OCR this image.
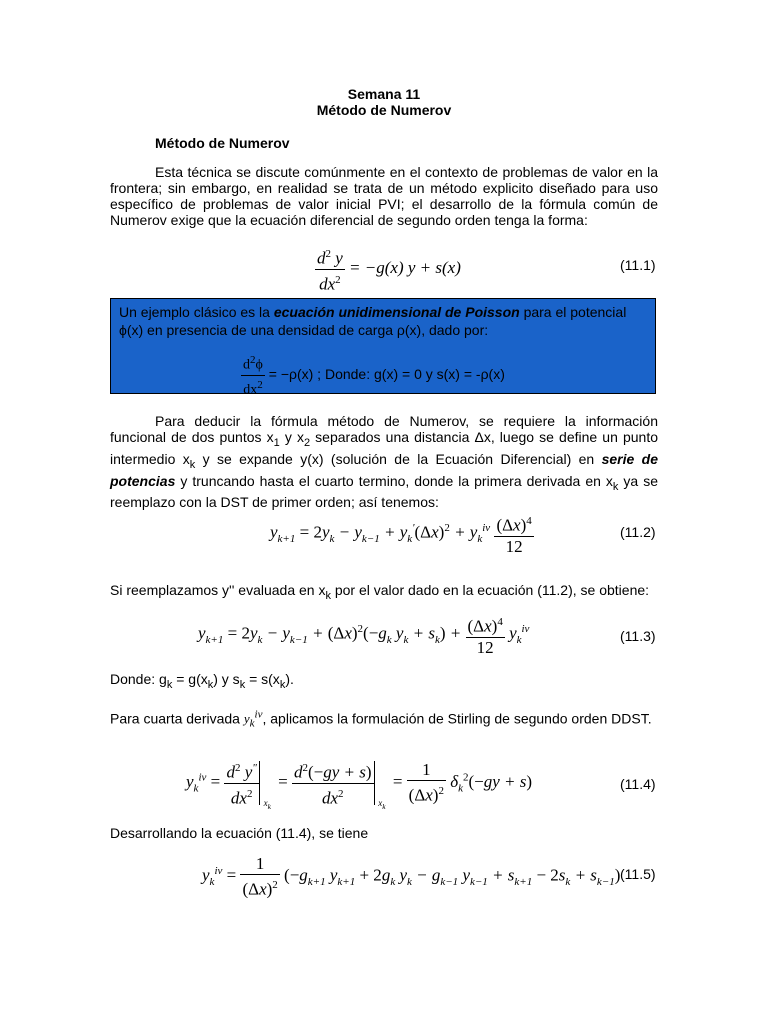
Semana 11
Método de Numerov
Método de Numerov
Esta técnica se discute comúnmente en el contexto de problemas de valor en la frontera; sin embargo, en realidad se trata de un método explicito diseñado para uso específico de problemas de valor inicial PVI; el desarrollo de la fórmula común de Numerov exige que la ecuación diferencial de segundo orden tenga la forma:
$\frac{d^2 y}{dx^2} = -g(x) y + s(x)$	(11.1)
Un ejemplo clásico es la ecuación unidimensional de Poisson para el potencial
ϕ(x) en presencia de una densidad de carga ρ(x), dado por:
$\frac{d^2\phi}{dx^2} = -\rho(x)$ ; Donde: g(x) = 0 y s(x) = -ρ(x)
Para deducir la fórmula método de Numerov, se requiere la información funcional de dos puntos $x_1$ y $x_2$ separados una distancia Δx, luego se define un punto intermedio $x_k$ y se expande y(x) (solución de la Ecuación Diferencial) en serie de potencias y truncando hasta el cuarto termino, donde la primera derivada en $x_k$ ya se reemplazo con la DST de primer orden; así tenemos:
$y_{k+1} = 2y_k - y_{k-1} + y_k'(\Delta x)^2 + y_k^{iv} \frac{(\Delta x)^4}{12}$	(11.2)
Si reemplazamos y'' evaluada en $x_k$ por el valor dado en la ecuación (11.2), se obtiene:
$y_{k+1} = 2y_k - y_{k-1} + (\Delta x)^2(-g_k$ $y_k + s_k) + \frac{(\Delta x)^4}{12} y_k^{iv}$	(11.3)
Donde: $g_k = g(x_k)$ y $s_k = s(x_k)$.
Para cuarta derivada $y_k^{iv}$, aplicamos la formulación de Stirling de segundo orden DDST.
$y_k^{iv} = \frac{d^2 y^"}{dx^2} x_k$
= $\frac{d^2(-gy + s)}{dx^2} x_k$
= $\frac{1}{(\Delta x)^2} \delta_k^2(-gy + s)$	(11.4)
Desarrollando la ecuación (11.4), se tiene
$y_k^{iv} = \frac{1}{(\Delta x)^2} (-g_{k+1}$ $y_{k+1} + 2g_k$ $y_k - g_{k-1}$ $y_{k-1} + s_{k+1} - 2s_k + s_{k-1}$) (11.5)
